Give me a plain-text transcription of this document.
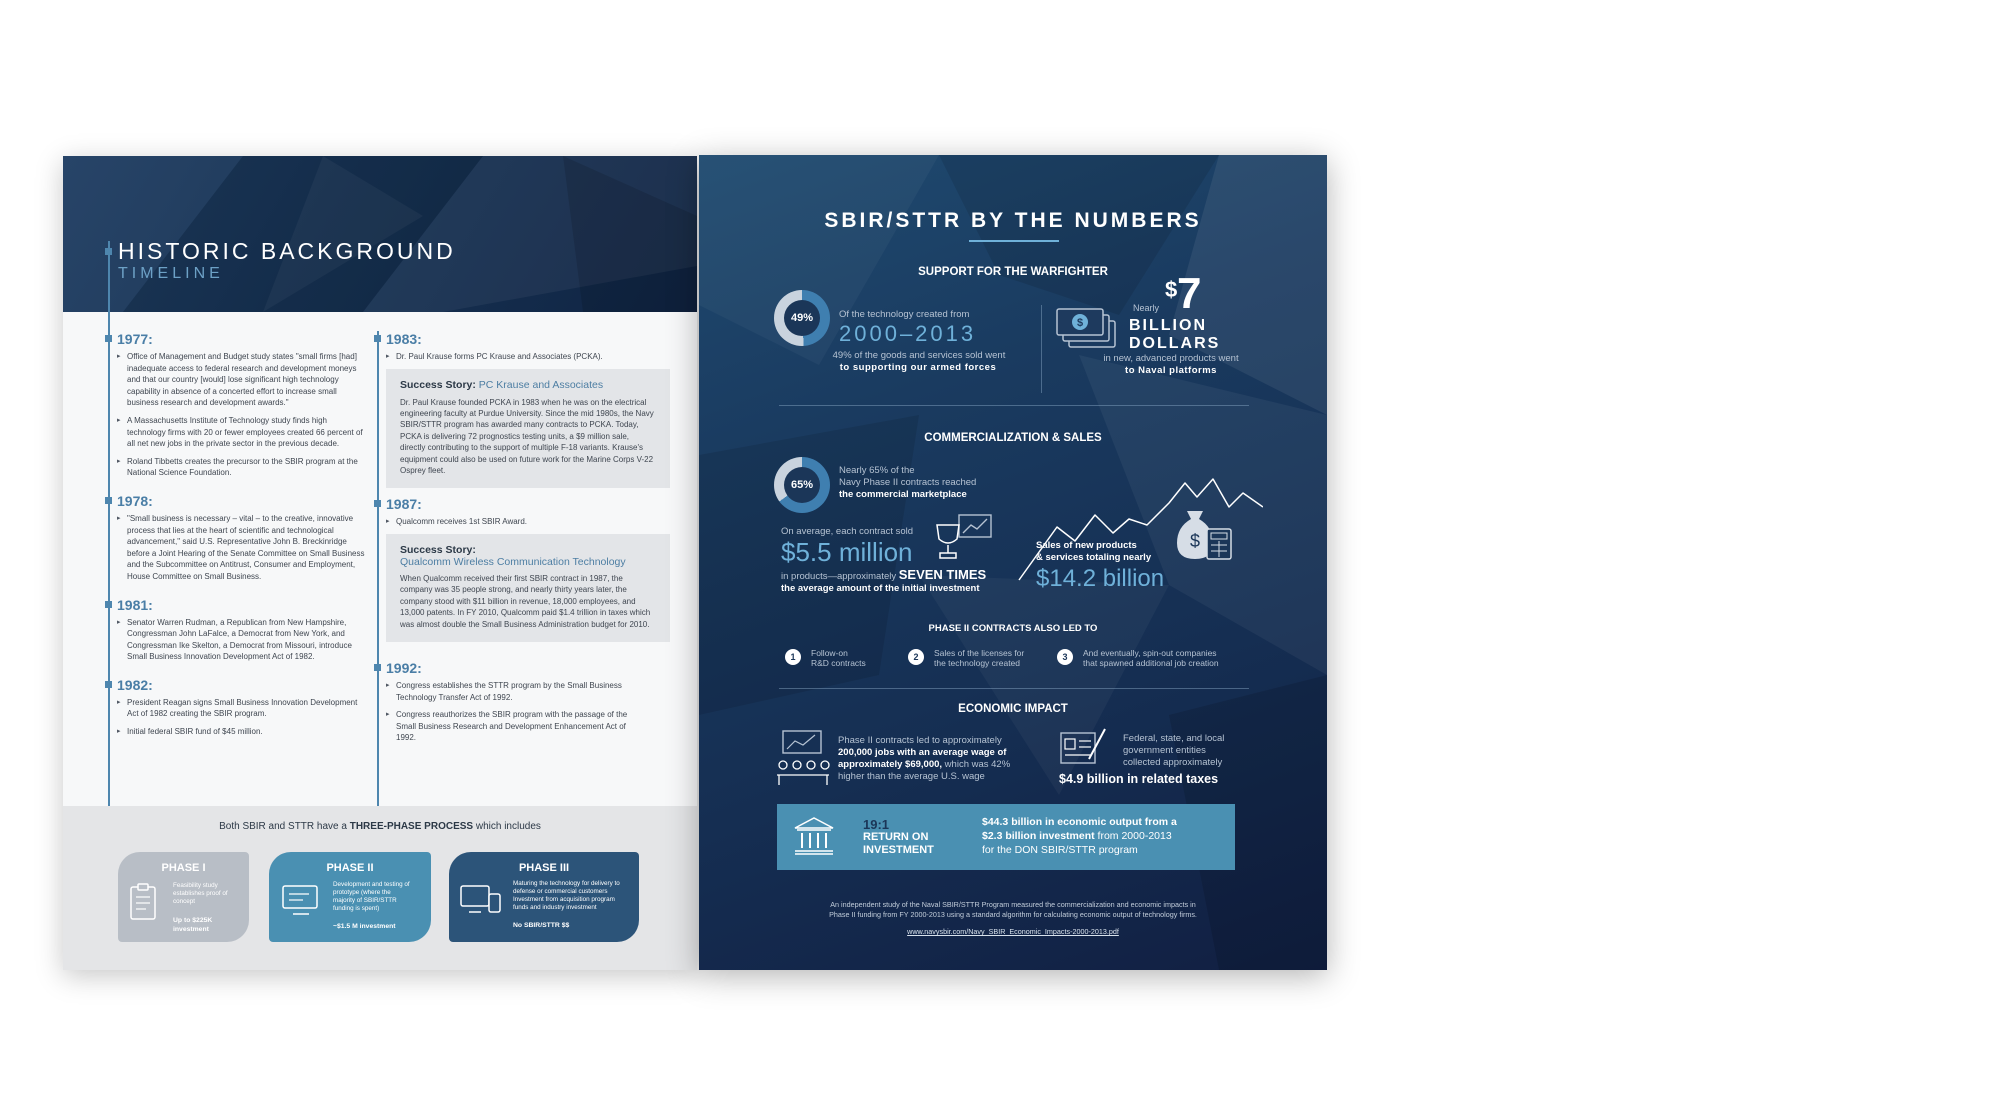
HISTORIC BACKGROUND
TIMELINE
1977:

▸ Office of Management and Budget study states "small firms [had] inadequate access to federal research and development moneys and that our country [would] lose significant high technology capability in absence of a concerted effort to increase small business research and development awards."

▸ A Massachusetts Institute of Technology study finds high technology firms with 20 or fewer employees created 66 percent of all net new jobs in the private sector in the previous decade.

▸ Roland Tibbetts creates the precursor to the SBIR program at the National Science Foundation.

1978:

▸ "Small business is necessary – vital – to the creative, innovative process that lies at the heart of scientific and technological advancement," said U.S. Representative John B. Breckinridge before a Joint Hearing of the Senate Committee on Small Business and the Subcommittee on Antitrust, Consumer and Employment, House Committee on Small Business.

1981:

▸ Senator Warren Rudman, a Republican from New Hampshire, Congressman John LaFalce, a Democrat from New York, and Congressman Ike Skelton, a Democrat from Missouri, introduce Small Business Innovation Development Act of 1982.

1982:

▸ President Reagan signs Small Business Innovation Development Act of 1982 creating the SBIR program.

▸ Initial federal SBIR fund of $45 million.

1983:

▸ Dr. Paul Krause forms PC Krause and Associates (PCKA).

Success Story: PC Krause and Associates
Dr. Paul Krause founded PCKA in 1983 when he was on the electrical engineering faculty at Purdue University. Since the mid 1980s, the Navy SBIR/STTR program has awarded many contracts to PCKA. Today, PCKA is delivering 72 prognostics testing units, a $9 million sale, directly contributing to the support of multiple F-18 variants. Krause's equipment could also be used on future work for the Marine Corps V-22 Osprey fleet.
1987:

▸ Qualcomm receives 1st SBIR Award.

Success Story:
Qualcomm Wireless Communication Technology
When Qualcomm received their first SBIR contract in 1987, the company was 35 people strong, and nearly thirty years later, the company stood with $11 billion in revenue, 18,000 employees, and 13,000 patents. In FY 2010, Qualcomm paid $1.4 trillion in taxes which was almost double the Small Business Administration budget for 2010.
1992:

▸ Congress establishes the STTR program by the Small Business Technology Transfer Act of 1992.

▸ Congress reauthorizes the SBIR program with the passage of the Small Business Research and Development Enhancement Act of 1992.

Both SBIR and STTR have a THREE-PHASE PROCESS which includes
PHASE I
Feasibility study establishes proof of concept
Up to $225K investment
PHASE II
Development and testing of prototype (where the majority of SBIR/STTR funding is spent)
~$1.5 M investment
PHASE III
Maturing the technology for delivery to defense or commercial customers Investment from acquisition program funds and industry investment
No SBIR/STTR $$
SBIR/STTR BY THE NUMBERS
SUPPORT FOR THE WARFIGHTER
49%	Of the technology created from
2000–2013
49% of the goods and services sold went
to supporting our armed forces
$
Nearly
$ 7
BILLION
DOLLARS
in new, advanced products went
to Naval platforms
COMMERCIALIZATION & SALES
65%
Nearly 65% of the
Navy Phase II contracts reached
the commercial marketplace
On average, each contract sold
$5.5 million
in products—approximately SEVEN TIMES
the average amount of the initial investment
Sales of new products
& services totaling nearly
$14.2 billion
$
PHASE II CONTRACTS ALSO LED TO
1	Follow-on
R&D contracts
2	Sales of the licenses for
the technology created
3	And eventually, spin-out companies
that spawned additional job creation
ECONOMIC IMPACT
Phase II contracts led to approximately
200,000 jobs with an average wage of
approximately $69,000, which was 42%
higher than the average U.S. wage
Federal, state, and local
government entities
collected approximately
$4.9 billion in related taxes
19:1
RETURN ON
INVESTMENT
$44.3 billion in economic output from a
$2.3 billion investment from 2000-2013
for the DON SBIR/STTR program
An independent study of the Naval SBIR/STTR Program measured the commercialization and economic impacts in
Phase II funding from FY 2000-2013 using a standard algorithm for calculating economic output of technology firms.
www.navysbir.com/Navy_SBIR_Economic_Impacts-2000-2013.pdf
